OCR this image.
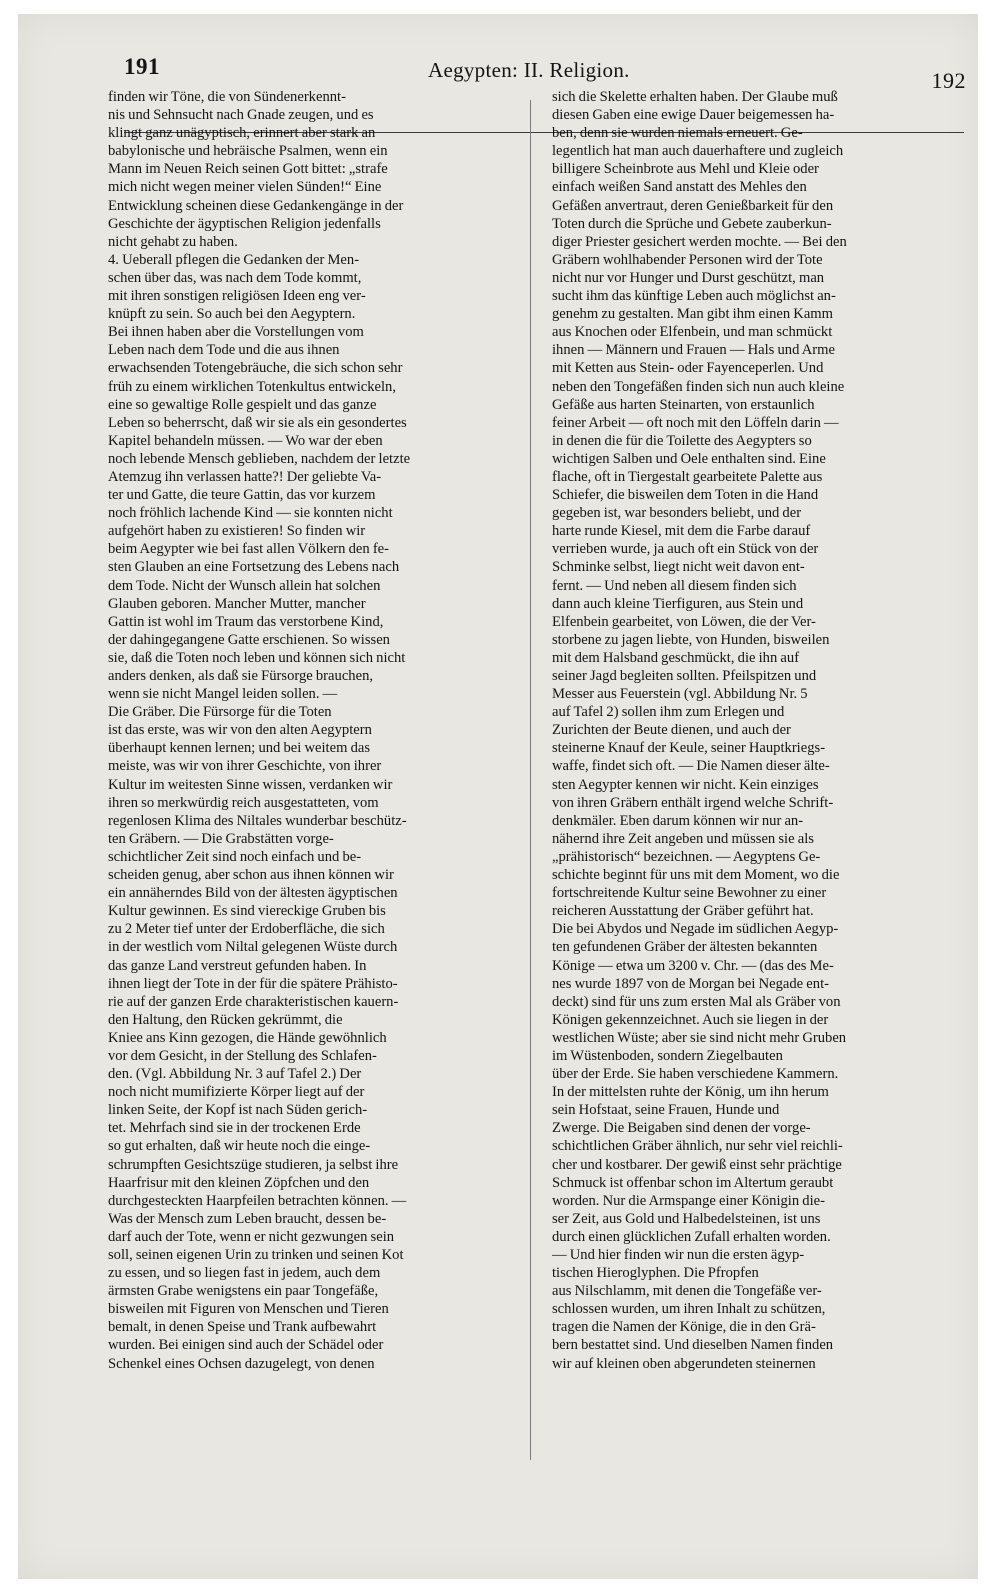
191	Aegypten: II. Religion.	192
finden wir Töne, die von Sündenerkennt-
nis und Sehnsucht nach Gnade zeugen, und es
klingt ganz unägyptisch, erinnert aber stark an
babylonische und hebräische Psalmen, wenn ein
Mann im Neuen Reich seinen Gott bittet: „strafe
mich nicht wegen meiner vielen Sünden!“ Eine
Entwicklung scheinen diese Gedankengänge in der
Geschichte der ägyptischen Religion jedenfalls
nicht gehabt zu haben.
4. Ueberall pflegen die Gedanken der Men-
schen über das, was nach dem Tode kommt,
mit ihren sonstigen religiösen Ideen eng ver-
knüpft zu sein. So auch bei den Aegyptern.
Bei ihnen haben aber die Vorstellungen vom
Leben nach dem Tode und die aus ihnen
erwachsenden Totengebräuche, die sich schon sehr
früh zu einem wirklichen Totenkultus entwickeln,
eine so gewaltige Rolle gespielt und das ganze
Leben so beherrscht, daß wir sie als ein gesondertes
Kapitel behandeln müssen. — Wo war der eben
noch lebende Mensch geblieben, nachdem der letzte
Atemzug ihn verlassen hatte?! Der geliebte Va-
ter und Gatte, die teure Gattin, das vor kurzem
noch fröhlich lachende Kind — sie konnten nicht
aufgehört haben zu existieren! So finden wir
beim Aegypter wie bei fast allen Völkern den fe-
sten Glauben an eine Fortsetzung des Lebens nach
dem Tode. Nicht der Wunsch allein hat solchen
Glauben geboren. Mancher Mutter, mancher
Gattin ist wohl im Traum das verstorbene Kind,
der dahingegangene Gatte erschienen. So wissen
sie, daß die Toten noch leben und können sich nicht
anders denken, als daß sie Fürsorge brauchen,
wenn sie nicht Mangel leiden sollen. —
Die Gräber. Die Fürsorge für die Toten
ist das erste, was wir von den alten Aegyptern
überhaupt kennen lernen; und bei weitem das
meiste, was wir von ihrer Geschichte, von ihrer
Kultur im weitesten Sinne wissen, verdanken wir
ihren so merkwürdig reich ausgestatteten, vom
regenlosen Klima des Niltales wunderbar beschütz-
ten Gräbern. — Die Grabstätten vorge-
schichtlicher Zeit sind noch einfach und be-
scheiden genug, aber schon aus ihnen können wir
ein annäherndes Bild von der ältesten ägyptischen
Kultur gewinnen. Es sind viereckige Gruben bis
zu 2 Meter tief unter der Erdoberfläche, die sich
in der westlich vom Niltal gelegenen Wüste durch
das ganze Land verstreut gefunden haben. In
ihnen liegt der Tote in der für die spätere Prähisto-
rie auf der ganzen Erde charakteristischen kauern-
den Haltung, den Rücken gekrümmt, die
Kniee ans Kinn gezogen, die Hände gewöhnlich
vor dem Gesicht, in der Stellung des Schlafen-
den. (Vgl. Abbildung Nr. 3 auf Tafel 2.) Der
noch nicht mumifizierte Körper liegt auf der
linken Seite, der Kopf ist nach Süden gerich-
tet. Mehrfach sind sie in der trockenen Erde
so gut erhalten, daß wir heute noch die einge-
schrumpften Gesichtszüge studieren, ja selbst ihre
Haarfrisur mit den kleinen Zöpfchen und den
durchgesteckten Haarpfeilen betrachten können. —
Was der Mensch zum Leben braucht, dessen be-
darf auch der Tote, wenn er nicht gezwungen sein
soll, seinen eigenen Urin zu trinken und seinen Kot
zu essen, und so liegen fast in jedem, auch dem
ärmsten Grabe wenigstens ein paar Tongefäße,
bisweilen mit Figuren von Menschen und Tieren
bemalt, in denen Speise und Trank aufbewahrt
wurden. Bei einigen sind auch der Schädel oder
Schenkel eines Ochsen dazugelegt, von denen
sich die Skelette erhalten haben. Der Glaube muß
diesen Gaben eine ewige Dauer beigemessen ha-
ben, denn sie wurden niemals erneuert. Ge-
legentlich hat man auch dauerhaftere und zugleich
billigere Scheinbrote aus Mehl und Kleie oder
einfach weißen Sand anstatt des Mehles den
Gefäßen anvertraut, deren Genießbarkeit für den
Toten durch die Sprüche und Gebete zauberkun-
diger Priester gesichert werden mochte. — Bei den
Gräbern wohlhabender Personen wird der Tote
nicht nur vor Hunger und Durst geschützt, man
sucht ihm das künftige Leben auch möglichst an-
genehm zu gestalten. Man gibt ihm einen Kamm
aus Knochen oder Elfenbein, und man schmückt
ihnen — Männern und Frauen — Hals und Arme
mit Ketten aus Stein- oder Fayenceperlen. Und
neben den Tongefäßen finden sich nun auch kleine
Gefäße aus harten Steinarten, von erstaunlich
feiner Arbeit — oft noch mit den Löffeln darin —
in denen die für die Toilette des Aegypters so
wichtigen Salben und Oele enthalten sind. Eine
flache, oft in Tiergestalt gearbeitete Palette aus
Schiefer, die bisweilen dem Toten in die Hand
gegeben ist, war besonders beliebt, und der
harte runde Kiesel, mit dem die Farbe darauf
verrieben wurde, ja auch oft ein Stück von der
Schminke selbst, liegt nicht weit davon ent-
fernt. — Und neben all diesem finden sich
dann auch kleine Tierfiguren, aus Stein und
Elfenbein gearbeitet, von Löwen, die der Ver-
storbene zu jagen liebte, von Hunden, bisweilen
mit dem Halsband geschmückt, die ihn auf
seiner Jagd begleiten sollten. Pfeilspitzen und
Messer aus Feuerstein (vgl. Abbildung Nr. 5
auf Tafel 2) sollen ihm zum Erlegen und
Zurichten der Beute dienen, und auch der
steinerne Knauf der Keule, seiner Hauptkriegs-
waffe, findet sich oft. — Die Namen dieser älte-
sten Aegypter kennen wir nicht. Kein einziges
von ihren Gräbern enthält irgend welche Schrift-
denkmäler. Eben darum können wir nur an-
nähernd ihre Zeit angeben und müssen sie als
„prähistorisch“ bezeichnen. — Aegyptens Ge-
schichte beginnt für uns mit dem Moment, wo die
fortschreitende Kultur seine Bewohner zu einer
reicheren Ausstattung der Gräber geführt hat.
Die bei Abydos und Negade im südlichen Aegyp-
ten gefundenen Gräber der ältesten bekannten
Könige — etwa um 3200 v. Chr. — (das des Me-
nes wurde 1897 von de Morgan bei Negade ent-
deckt) sind für uns zum ersten Mal als Gräber von
Königen gekennzeichnet. Auch sie liegen in der
westlichen Wüste; aber sie sind nicht mehr Gruben
im Wüstenboden, sondern Ziegelbauten
über der Erde. Sie haben verschiedene Kammern.
In der mittelsten ruhte der König, um ihn herum
sein Hofstaat, seine Frauen, Hunde und
Zwerge. Die Beigaben sind denen der vorge-
schichtlichen Gräber ähnlich, nur sehr viel reichli-
cher und kostbarer. Der gewiß einst sehr prächtige
Schmuck ist offenbar schon im Altertum geraubt
worden. Nur die Armspange einer Königin die-
ser Zeit, aus Gold und Halbedelsteinen, ist uns
durch einen glücklichen Zufall erhalten worden.
— Und hier finden wir nun die ersten ägyp-
tischen Hieroglyphen. Die Pfropfen
aus Nilschlamm, mit denen die Tongefäße ver-
schlossen wurden, um ihren Inhalt zu schützen,
tragen die Namen der Könige, die in den Grä-
bern bestattet sind. Und dieselben Namen finden
wir auf kleinen oben abgerundeten steinernen
